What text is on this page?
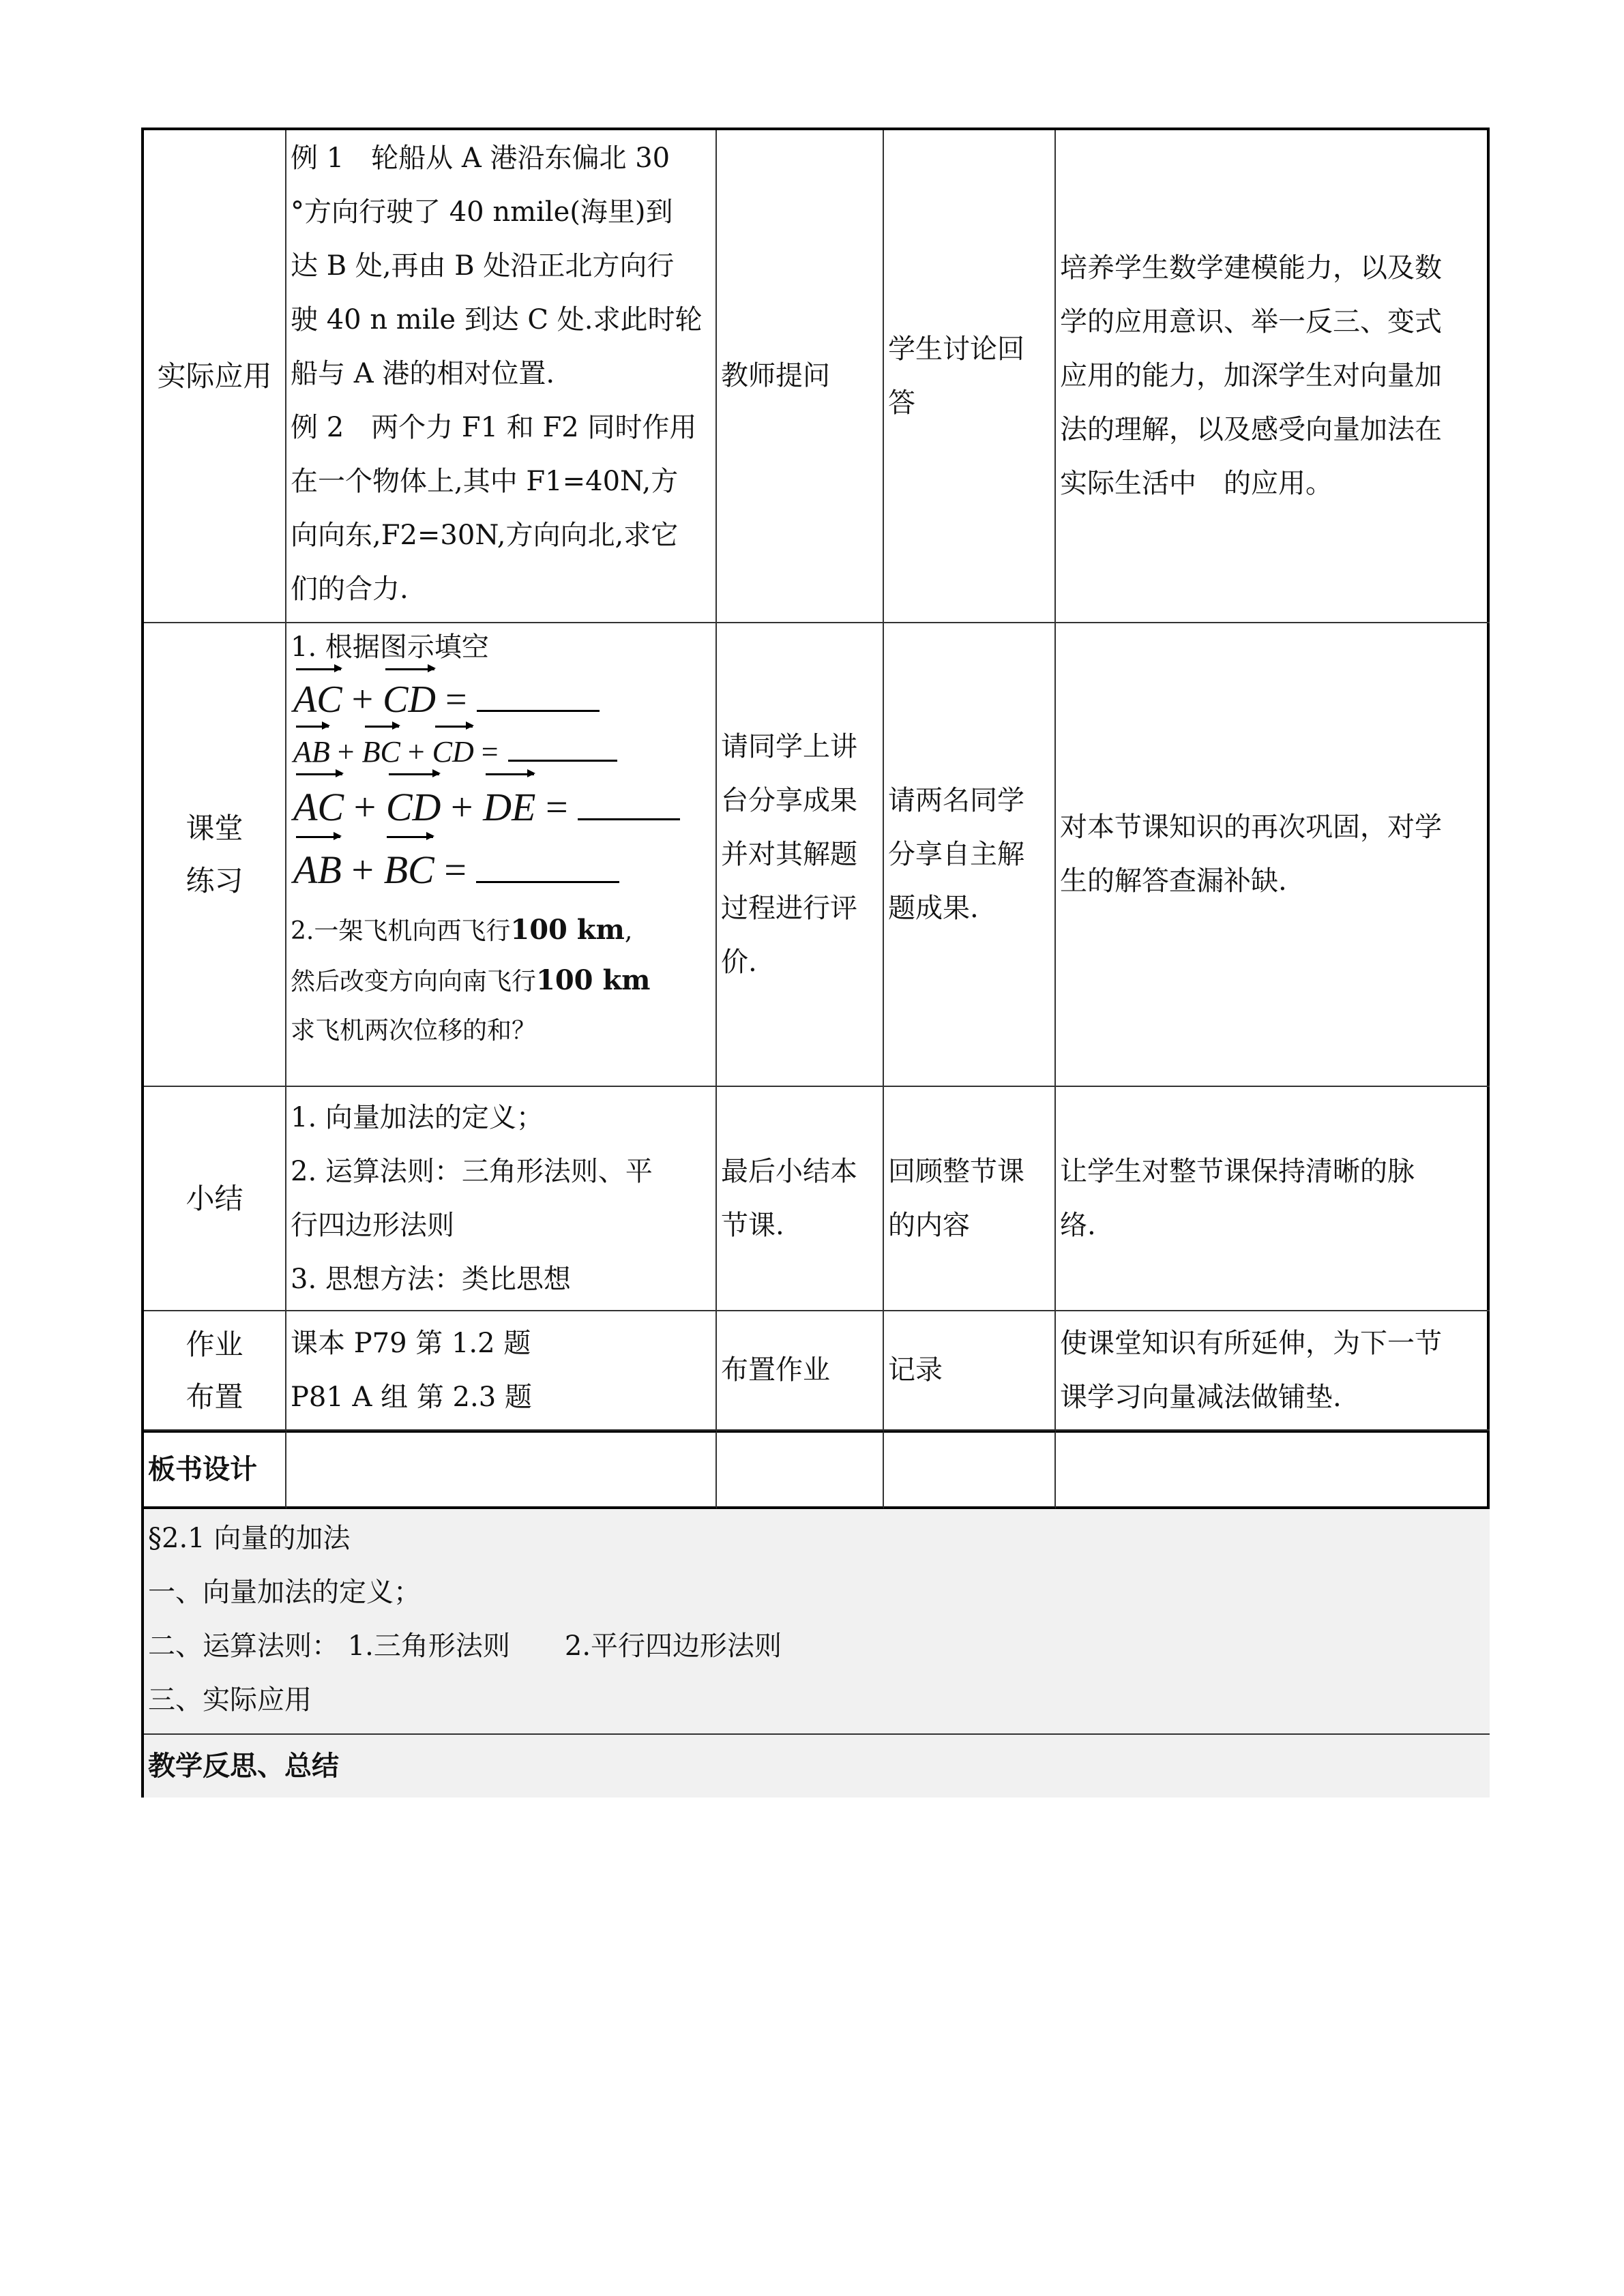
实际应用
例 1　轮船从 A 港沿东偏北 30
°方向行驶了 40 nmile(海里)到
达 B 处,再由 B 处沿正北方向行
驶 40 n mile 到达 C 处.求此时轮
船与 A 港的相对位置.
例 2　两个力 F1 和 F2 同时作用
在一个物体上,其中 F1=40N,方
向向东,F2=30N,方向向北,求它
们的合力.
教师提问
学生讨论回
答
培养学生数学建模能力，以及数
学的应用意识、举一反三、变式
应用的能力，加深学生对向量加
法的理解，以及感受向量加法在
实际生活中　的应用。
课堂
练习
1. 根据图示填空
AC + CD =
AB + BC + CD =
AC + CD + DE =
AB + BC =
2.一架飞机向西飞行100 km,
然后改变方向向南飞行100 km
求飞机两次位移的和？
请同学上讲
台分享成果
并对其解题
过程进行评
价.
请两名同学
分享自主解
题成果.
对本节课知识的再次巩固，对学
生的解答查漏补缺.
小结
1. 向量加法的定义；
2. 运算法则：三角形法则、平
行四边形法则
3. 思想方法：类比思想
最后小结本
节课.
回顾整节课
的内容
让学生对整节课保持清晰的脉
络.
作业
布置
课本 P79 第 1.2 题
P81 A 组 第 2.3 题
布置作业 记录
使课堂知识有所延伸，为下一节
课学习向量减法做铺垫.
板书设计
§2.1 向量的加法
一、向量加法的定义；
二、运算法则： 1.三角形法则　　2.平行四边形法则
三、实际应用
教学反思、总结
